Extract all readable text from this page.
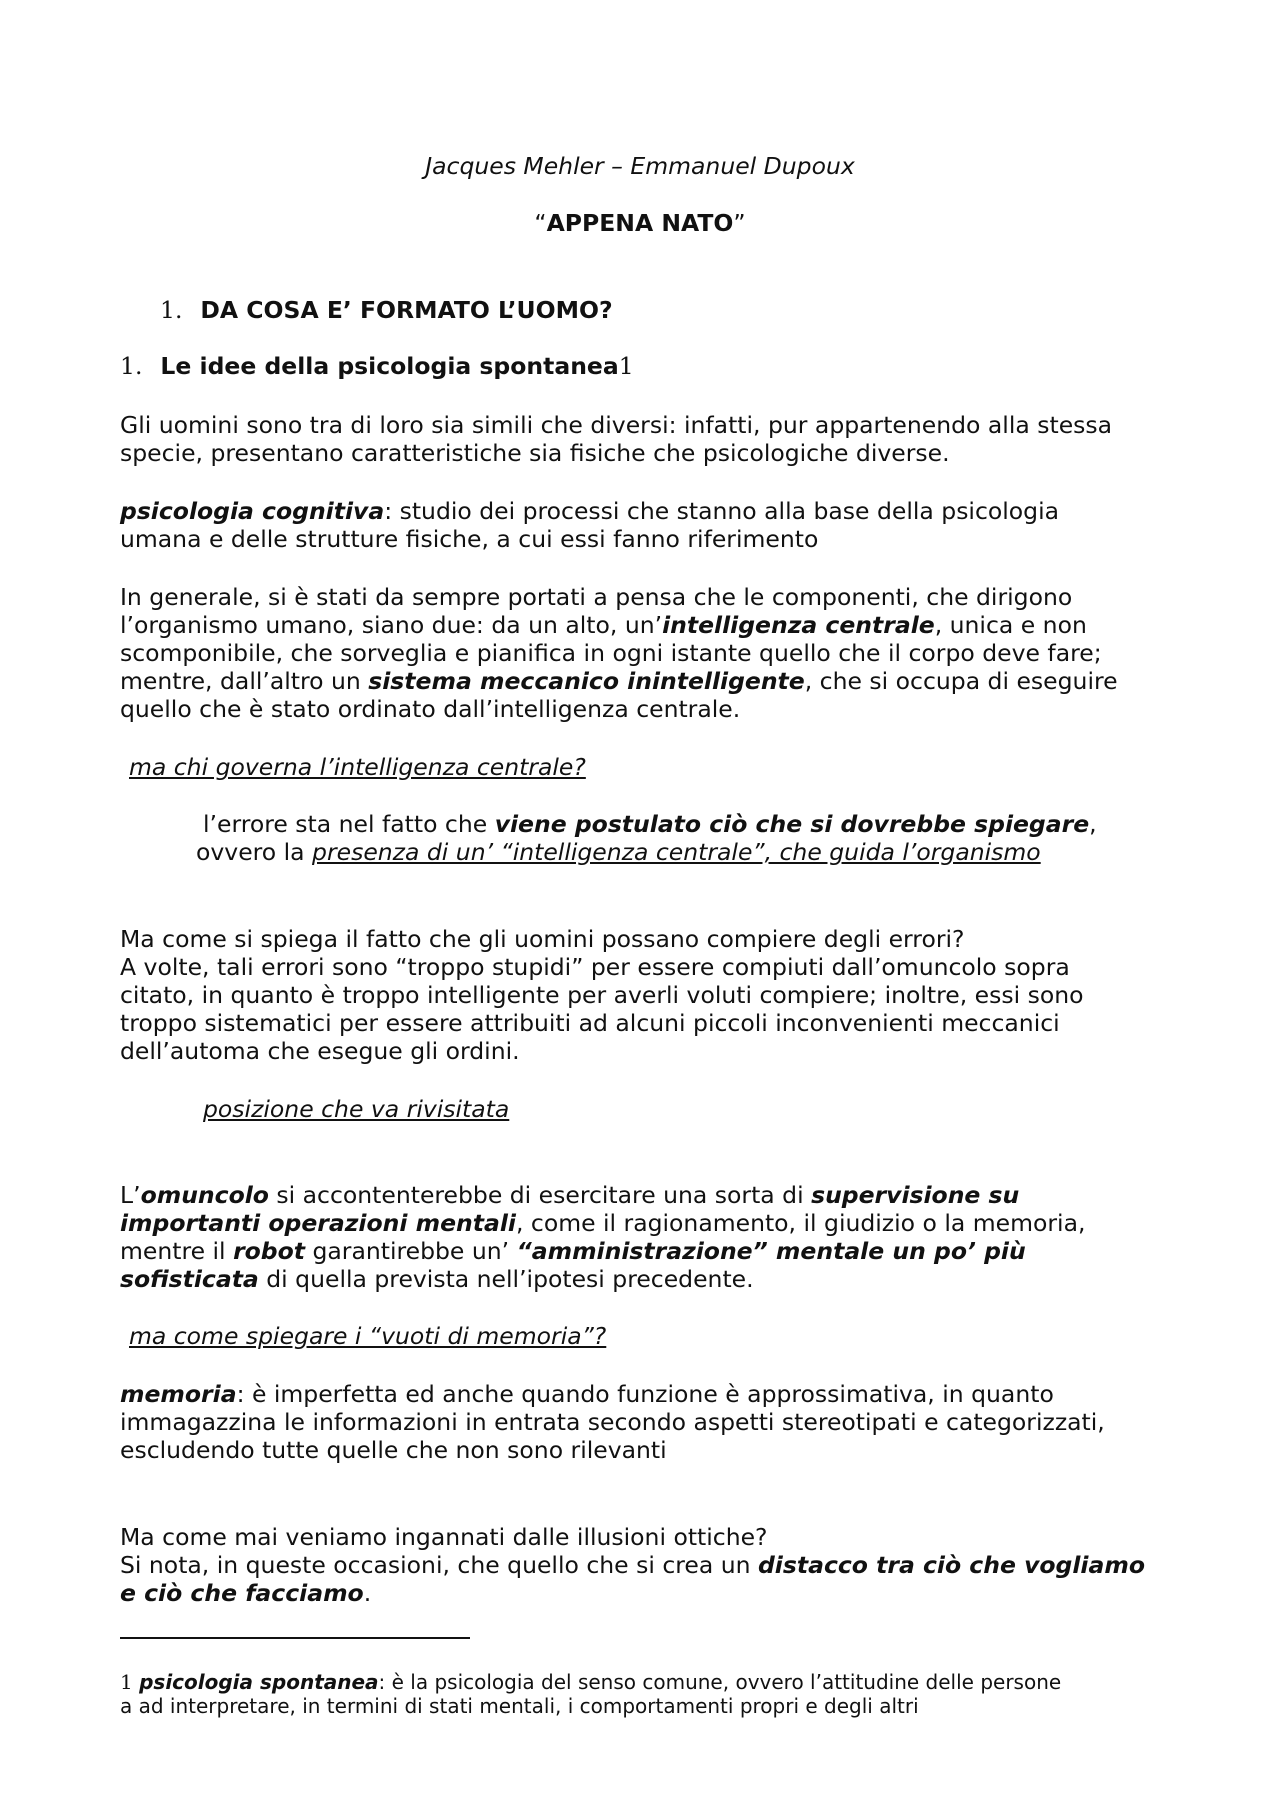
Jacques Mehler – Emmanuel Dupoux

“APPENA NATO”

1. DA COSA E’ FORMATO L’UOMO?

1. Le idee della psicologia spontanea1

Gli uomini sono tra di loro sia simili che diversi: infatti, pur appartenendo alla stessa

specie, presentano caratteristiche sia fisiche che psicologiche diverse.

psicologia cognitiva: studio dei processi che stanno alla base della psicologia

umana e delle strutture fisiche, a cui essi fanno riferimento

In generale, si è stati da sempre portati a pensa che le componenti, che dirigono

l’organismo umano, siano due: da un alto, un’intelligenza centrale, unica e non

scomponibile, che sorveglia e pianifica in ogni istante quello che il corpo deve fare;

mentre, dall’altro un sistema meccanico inintelligente, che si occupa di eseguire

quello che è stato ordinato dall’intelligenza centrale.

ma chi governa l’intelligenza centrale?

l’errore sta nel fatto che viene postulato ciò che si dovrebbe spiegare,

ovvero la presenza di un’ “intelligenza centrale”, che guida l’organismo

Ma come si spiega il fatto che gli uomini possano compiere degli errori?

A volte, tali errori sono “troppo stupidi” per essere compiuti dall’omuncolo sopra

citato, in quanto è troppo intelligente per averli voluti compiere; inoltre, essi sono

troppo sistematici per essere attribuiti ad alcuni piccoli inconvenienti meccanici

dell’automa che esegue gli ordini.

posizione che va rivisitata

L’omuncolo si accontenterebbe di esercitare una sorta di supervisione su

importanti operazioni mentali, come il ragionamento, il giudizio o la memoria,

mentre il robot garantirebbe un’ “amministrazione” mentale un po’ più

sofisticata di quella prevista nell’ipotesi precedente.

ma come spiegare i “vuoti di memoria”?

memoria: è imperfetta ed anche quando funzione è approssimativa, in quanto

immagazzina le informazioni in entrata secondo aspetti stereotipati e categorizzati,

escludendo tutte quelle che non sono rilevanti

Ma come mai veniamo ingannati dalle illusioni ottiche?

Si nota, in queste occasioni, che quello che si crea un distacco tra ciò che vogliamo

e ciò che facciamo.

1 psicologia spontanea: è la psicologia del senso comune, ovvero l’attitudine delle persone

a ad interpretare, in termini di stati mentali, i comportamenti propri e degli altri
